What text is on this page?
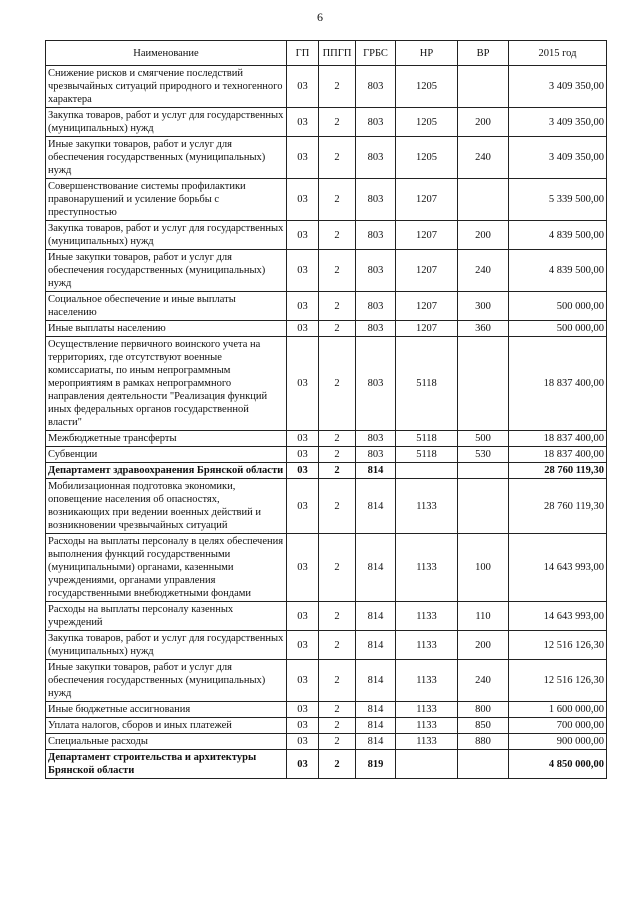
6
Наименование	ГП	ППГП	ГРБС	НР	ВР	2015 год
Снижение рисков и смягчение последствий чрезвычайных ситуаций природного и техногенного характера	03	2	803	1205		3 409 350,00
Закупка товаров, работ и услуг для государственных (муниципальных) нужд	03	2	803	1205	200	3 409 350,00
Иные закупки товаров, работ и услуг для обеспечения государственных (муниципальных) нужд	03	2	803	1205	240	3 409 350,00
Совершенствование системы профилактики правонарушений и усиление борьбы с преступностью	03	2	803	1207		5 339 500,00
Закупка товаров, работ и услуг для государственных (муниципальных) нужд	03	2	803	1207	200	4 839 500,00
Иные закупки товаров, работ и услуг для обеспечения государственных (муниципальных) нужд	03	2	803	1207	240	4 839 500,00
Социальное обеспечение и иные выплаты населению	03	2	803	1207	300	500 000,00
Иные выплаты населению	03	2	803	1207	360	500 000,00
Осуществление первичного воинского учета на территориях, где отсутствуют военные комиссариаты, по иным непрограммным мероприятиям в рамках непрограммного направления деятельности "Реализация функций иных федеральных органов государственной власти"	03	2	803	5118		18 837 400,00
Межбюджетные трансферты	03	2	803	5118	500	18 837 400,00
Субвенции	03	2	803	5118	530	18 837 400,00
Департамент здравоохранения Брянской области	03	2	814			28 760 119,30
Мобилизационная подготовка экономики, оповещение населения об опасностях, возникающих при ведении военных действий и возникновении чрезвычайных ситуаций	03	2	814	1133		28 760 119,30
Расходы на выплаты персоналу в целях обеспечения выполнения функций государственными (муниципальными) органами, казенными учреждениями, органами управления государственными внебюджетными фондами	03	2	814	1133	100	14 643 993,00
Расходы на выплаты персоналу казенных учреждений	03	2	814	1133	110	14 643 993,00
Закупка товаров, работ и услуг для государственных (муниципальных) нужд	03	2	814	1133	200	12 516 126,30
Иные закупки товаров, работ и услуг для обеспечения государственных (муниципальных) нужд	03	2	814	1133	240	12 516 126,30
Иные бюджетные ассигнования	03	2	814	1133	800	1 600 000,00
Уплата налогов, сборов и иных платежей	03	2	814	1133	850	700 000,00
Специальные расходы	03	2	814	1133	880	900 000,00
Департамент строительства и архитектуры Брянской области	03	2	819			4 850 000,00
